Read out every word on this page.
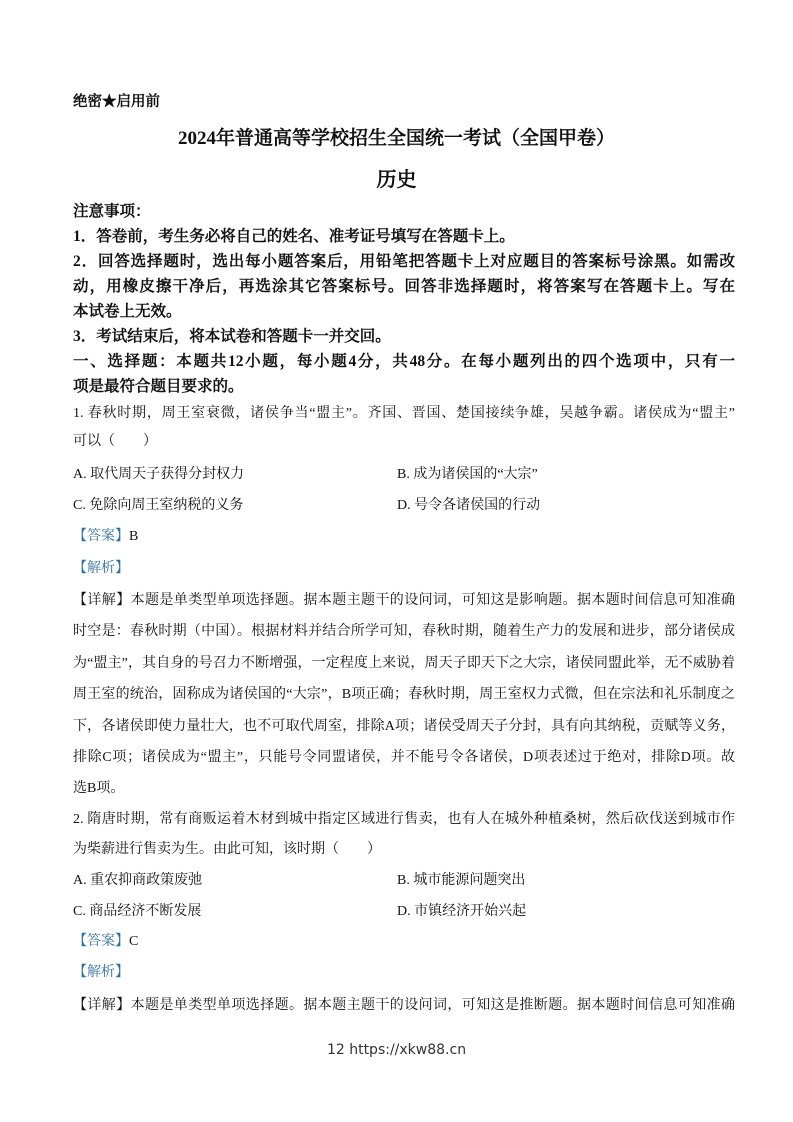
绝密★启用前
2024年普通高等学校招生全国统一考试（全国甲卷）
历史
注意事项：
1．答卷前，考生务必将自己的姓名、准考证号填写在答题卡上。
2．回答选择题时，选出每小题答案后，用铅笔把答题卡上对应题目的答案标号涂黑。如需改
动，用橡皮擦干净后，再选涂其它答案标号。回答非选择题时，将答案写在答题卡上。写在
本试卷上无效。
3．考试结束后，将本试卷和答题卡一并交回。
一、选择题：本题共12小题，每小题4分，共48分。在每小题列出的四个选项中，只有一
项是最符合题目要求的。
1. 春秋时期，周王室衰微，诸侯争当“盟主”。齐国、晋国、楚国接续争雄，吴越争霸。诸侯成为“盟主”
可以（　　）
A. 取代周天子获得分封权力	B. 成为诸侯国的“大宗”
C. 免除向周王室纳税的义务	D. 号令各诸侯国的行动
【答案】B
【解析】
【详解】本题是单类型单项选择题。据本题主题干的设问词，可知这是影响题。据本题时间信息可知准确
时空是：春秋时期（中国）。根据材料并结合所学可知，春秋时期，随着生产力的发展和进步，部分诸侯成
为“盟主”，其自身的号召力不断增强，一定程度上来说，周天子即天下之大宗，诸侯同盟此举，无不威胁着
周王室的统治，固称成为诸侯国的“大宗”，B项正确；春秋时期，周王室权力式微，但在宗法和礼乐制度之
下，各诸侯即使力量壮大，也不可取代周室，排除A项；诸侯受周天子分封，具有向其纳税，贡赋等义务，
排除C项；诸侯成为“盟主”，只能号令同盟诸侯，并不能号令各诸侯，D项表述过于绝对，排除D项。故
选B项。
2. 隋唐时期，常有商贩运着木材到城中指定区域进行售卖，也有人在城外种植桑树，然后砍伐送到城市作
为柴薪进行售卖为生。由此可知，该时期（　　）
A. 重农抑商政策废弛	B. 城市能源问题突出
C. 商品经济不断发展	D. 市镇经济开始兴起
【答案】C
【解析】
【详解】本题是单类型单项选择题。据本题主题干的设问词，可知这是推断题。据本题时间信息可知准确
12 https://xkw88.cn
